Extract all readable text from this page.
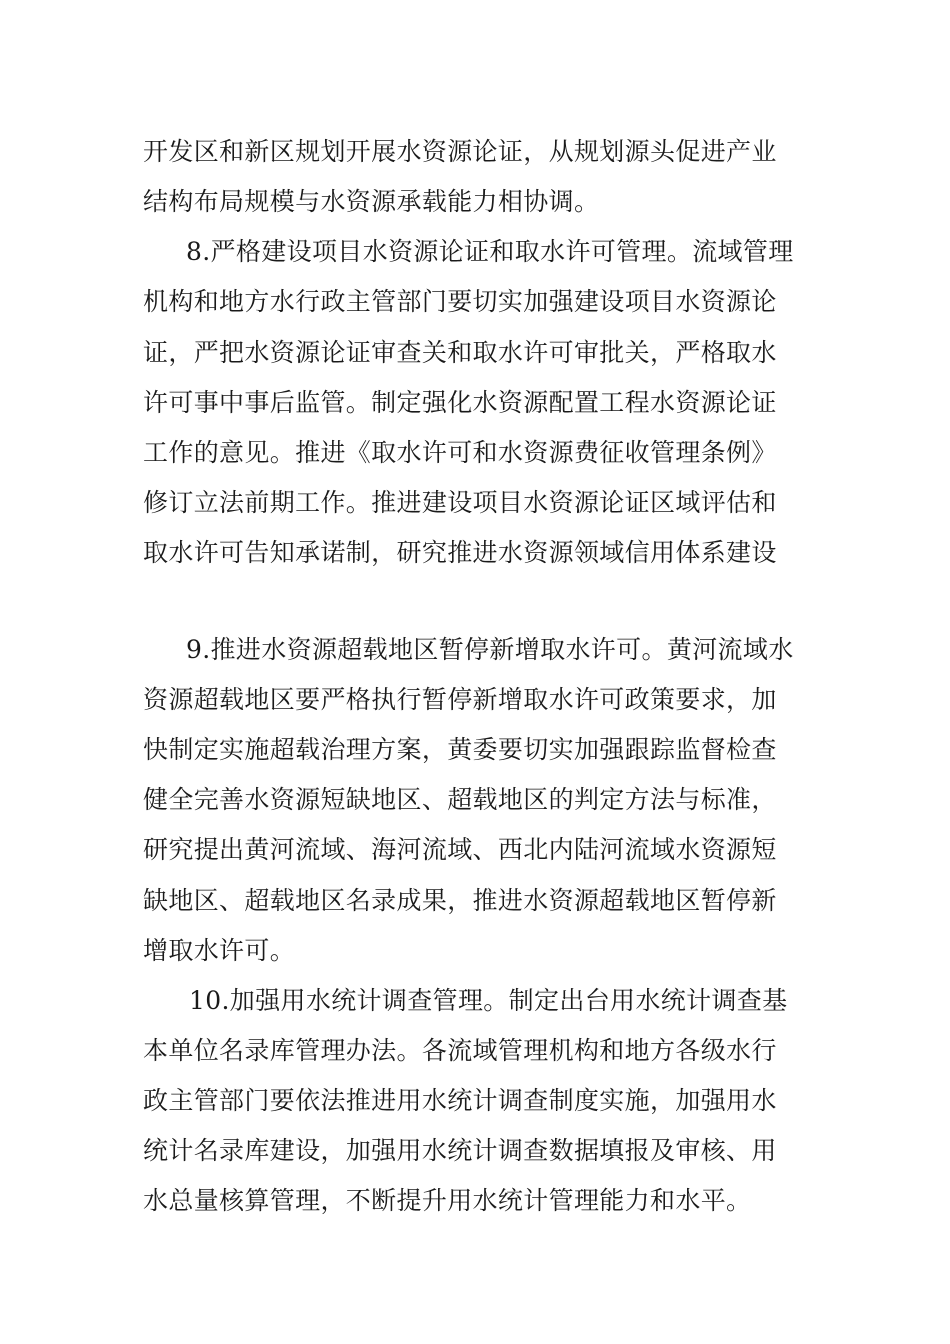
开发区和新区规划开展水资源论证，从规划源头促进产业
结构布局规模与水资源承载能力相协调。
8.严格建设项目水资源论证和取水许可管理。流域管理
机构和地方水行政主管部门要切实加强建设项目水资源论
证，严把水资源论证审查关和取水许可审批关，严格取水
许可事中事后监管。制定强化水资源配置工程水资源论证
工作的意见。推进《取水许可和水资源费征收管理条例》
修订立法前期工作。推进建设项目水资源论证区域评估和
取水许可告知承诺制，研究推进水资源领域信用体系建设
9.推进水资源超载地区暂停新增取水许可。黄河流域水
资源超载地区要严格执行暂停新增取水许可政策要求，加
快制定实施超载治理方案，黄委要切实加强跟踪监督检查
健全完善水资源短缺地区、超载地区的判定方法与标准，
研究提出黄河流域、海河流域、西北内陆河流域水资源短
缺地区、超载地区名录成果，推进水资源超载地区暂停新
增取水许可。
10.加强用水统计调查管理。制定出台用水统计调查基
本单位名录库管理办法。各流域管理机构和地方各级水行
政主管部门要依法推进用水统计调查制度实施，加强用水
统计名录库建设，加强用水统计调查数据填报及审核、用
水总量核算管理，不断提升用水统计管理能力和水平。
